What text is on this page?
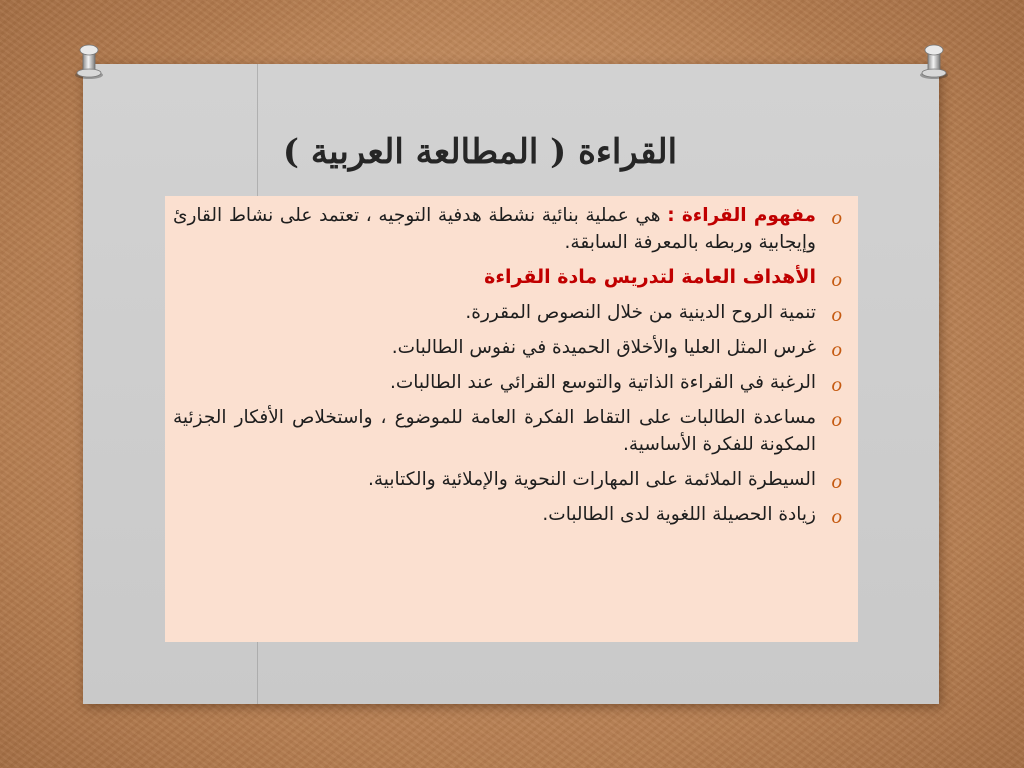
القراءة ( المطالعة العربية )
o
مفهوم القراءة : هي عملية بنائية نشطة هدفية التوجيه ، تعتمد على نشاط القارئ وإيجابية وربطه بالمعرفة السابقة.
o
الأهداف العامة لتدريس مادة القراءة
o
تنمية الروح الدينية من خلال النصوص المقررة.
o
غرس المثل العليا والأخلاق الحميدة في نفوس الطالبات.
o
الرغبة في القراءة الذاتية والتوسع القرائي عند الطالبات.
o
مساعدة الطالبات على التقاط الفكرة العامة للموضوع ، واستخلاص الأفكار الجزئية المكونة للفكرة الأساسية.
o
السيطرة الملائمة على المهارات النحوية والإملائية والكتابية.
o
زيادة الحصيلة اللغوية لدى الطالبات.
